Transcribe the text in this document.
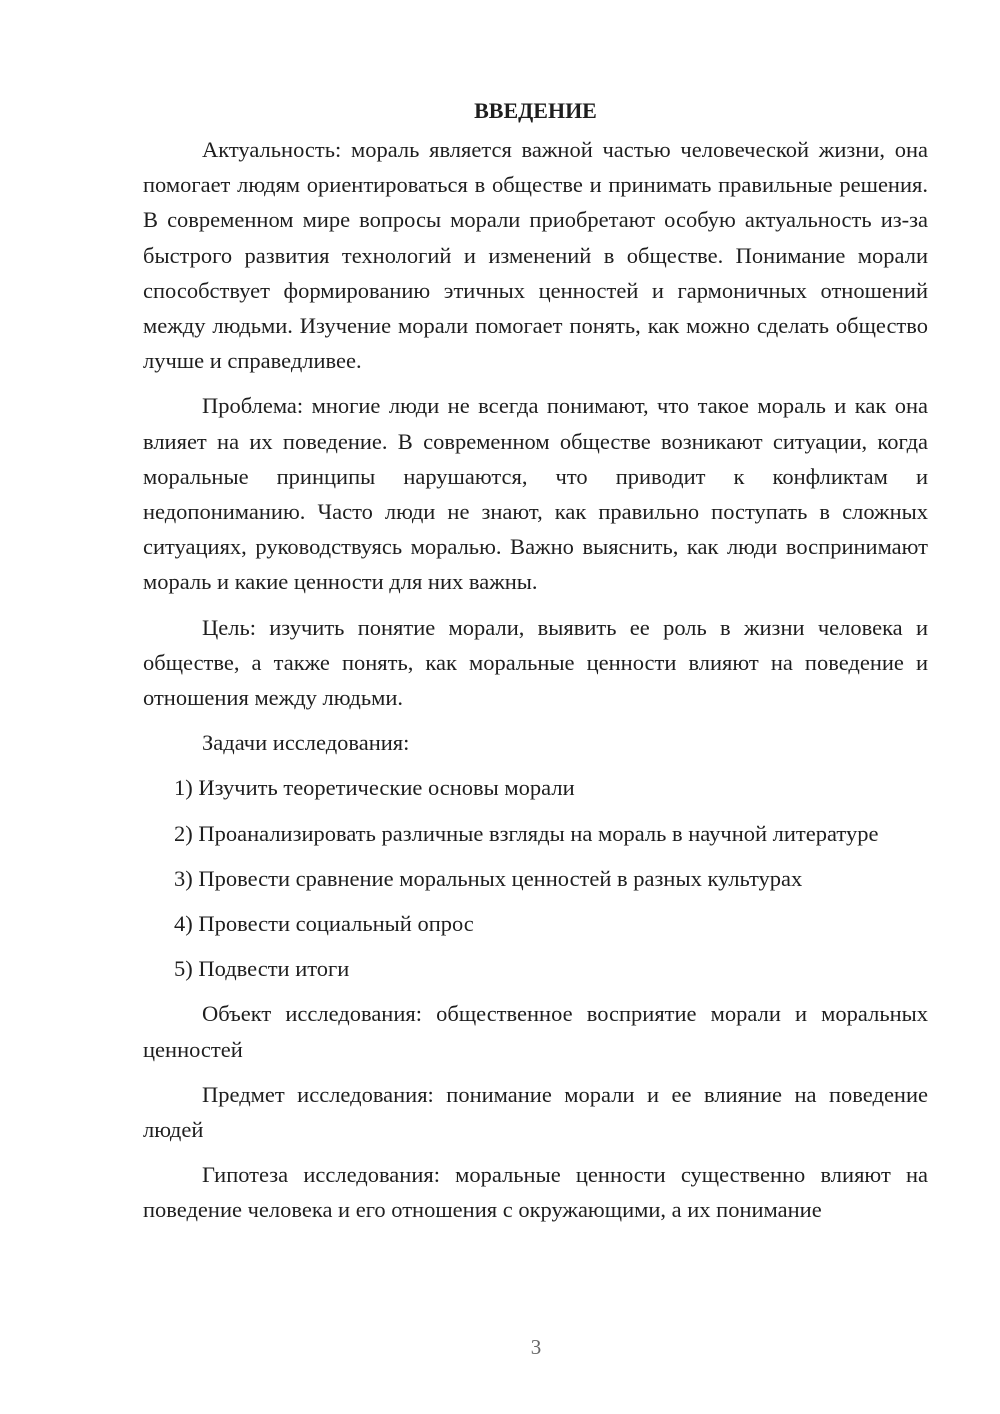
ВВЕДЕНИЕ

Актуальность: мораль является важной частью человеческой жизни, она помогает людям ориентироваться в обществе и принимать правильные решения. В современном мире вопросы морали приобретают особую актуальность из-за быстрого развития технологий и изменений в обществе. Понимание морали способствует формированию этичных ценностей и гармоничных отношений между людьми. Изучение морали помогает понять, как можно сделать общество лучше и справедливее.

Проблема: многие люди не всегда понимают, что такое мораль и как она влияет на их поведение. В современном обществе возникают ситуации, когда моральные принципы нарушаются, что приводит к конфликтам и недопониманию. Часто люди не знают, как правильно поступать в сложных ситуациях, руководствуясь моралью. Важно выяснить, как люди воспринимают мораль и какие ценности для них важны.

Цель: изучить понятие морали, выявить ее роль в жизни человека и обществе, а также понять, как моральные ценности влияют на поведение и отношения между людьми.

Задачи исследования:

1) Изучить теоретические основы морали

2) Проанализировать различные взгляды на мораль в научной литературе

3) Провести сравнение моральных ценностей в разных культурах

4) Провести социальный опрос

5) Подвести итоги

Объект исследования: общественное восприятие морали и моральных ценностей

Предмет исследования: понимание морали и ее влияние на поведение людей

Гипотеза исследования: моральные ценности существенно влияют на поведение человека и его отношения с окружающими, а их понимание

3
